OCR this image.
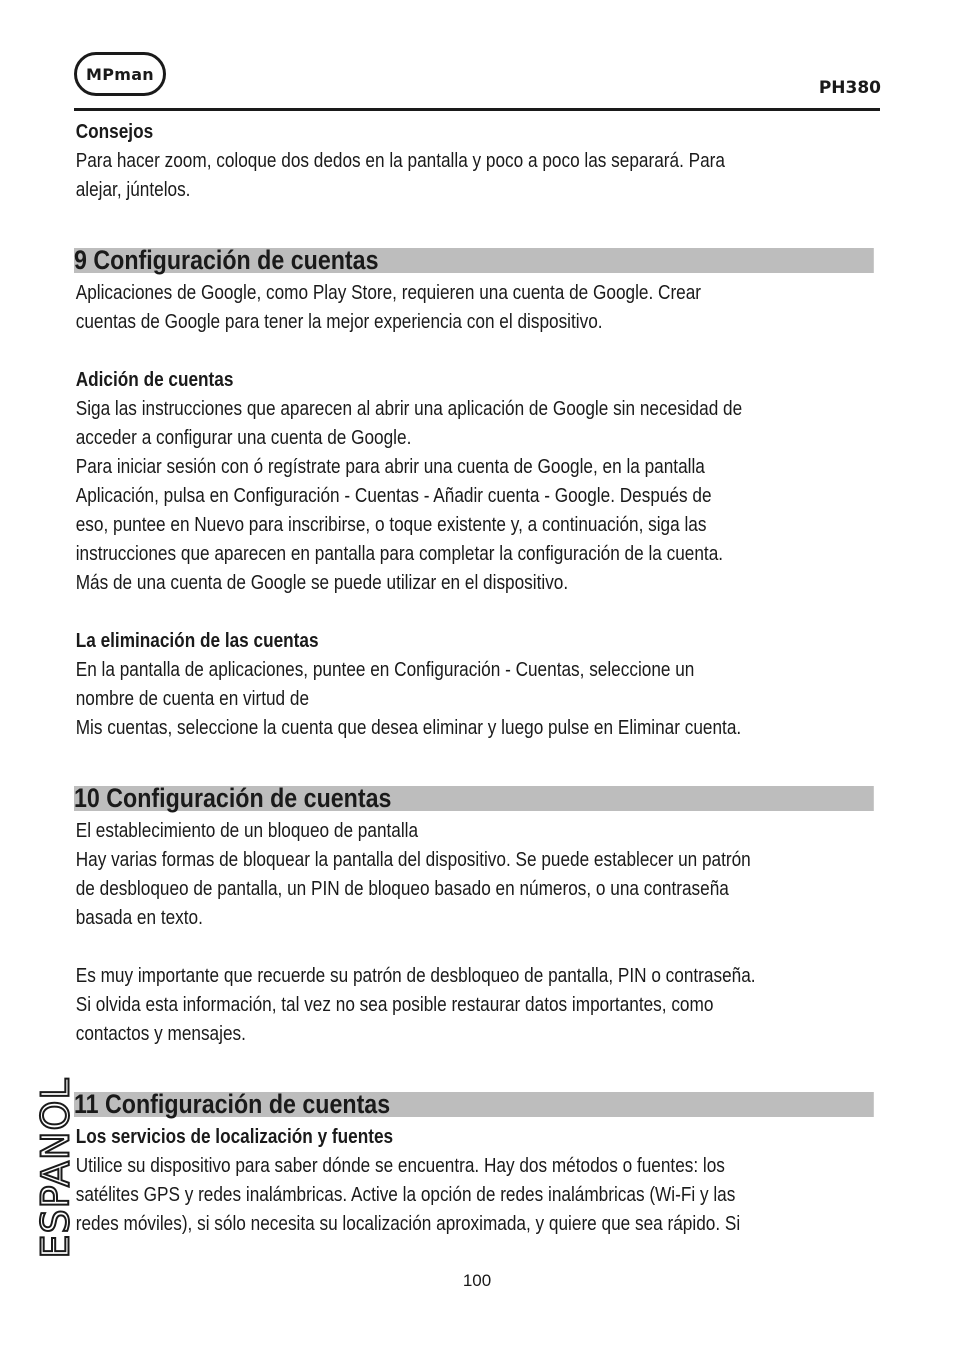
MPman
PH380
Consejos

Para hacer zoom, coloque dos dedos en la pantalla y poco a poco las separará. Para

alejar, júntelos.

9 Configuración de cuentas

Aplicaciones de Google, como Play Store, requieren una cuenta de Google. Crear

cuentas de Google para tener la mejor experiencia con el dispositivo.

Adición de cuentas

Siga las instrucciones que aparecen al abrir una aplicación de Google sin necesidad de

acceder a configurar una cuenta de Google.

Para iniciar sesión con ó regístrate para abrir una cuenta de Google, en la pantalla

Aplicación, pulsa en Configuración - Cuentas - Añadir cuenta - Google. Después de

eso, puntee en Nuevo para inscribirse, o toque existente y, a continuación, siga las

instrucciones que aparecen en pantalla para completar la configuración de la cuenta.

Más de una cuenta de Google se puede utilizar en el dispositivo.

La eliminación de las cuentas

En la pantalla de aplicaciones, puntee en Configuración - Cuentas, seleccione un

nombre de cuenta en virtud de

Mis cuentas, seleccione la cuenta que desea eliminar y luego pulse en Eliminar cuenta.

10 Configuración de cuentas

El establecimiento de un bloqueo de pantalla

Hay varias formas de bloquear la pantalla del dispositivo. Se puede establecer un patrón

de desbloqueo de pantalla, un PIN de bloqueo basado en números, o una contraseña

basada en texto.

Es muy importante que recuerde su patrón de desbloqueo de pantalla, PIN o contraseña.

Si olvida esta información, tal vez no sea posible restaurar datos importantes, como

contactos y mensajes.

11 Configuración de cuentas
Los servicios de localización y fuentes

Utilice su dispositivo para saber dónde se encuentra. Hay dos métodos o fuentes: los

satélites GPS y redes inalámbricas. Active la opción de redes inalámbricas (Wi-Fi y las

redes móviles), si sólo necesita su localización aproximada, y quiere que sea rápido. Si

ESPANOL
100
